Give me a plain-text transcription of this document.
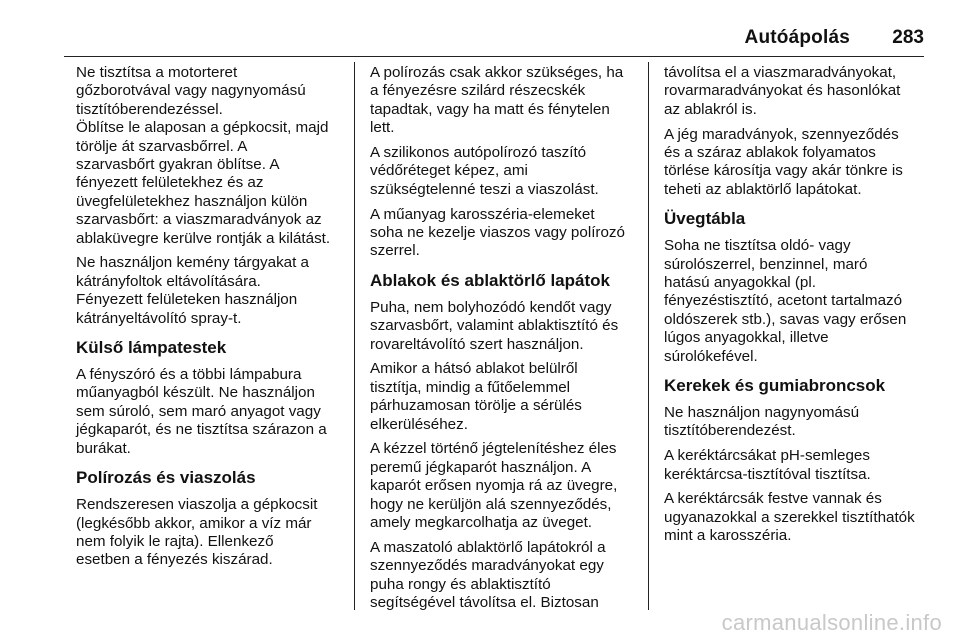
Autóápolás 283
Ne tisztítsa a motorteret
gőzborotvával vagy nagynyomású
tisztítóberendezéssel.
Öblítse le alaposan a gépkocsit, majd
törölje át szarvasbőrrel. A
szarvasbőrt gyakran öblítse. A
fényezett felületekhez és az
üvegfelületekhez használjon külön
szarvasbőrt: a viaszmaradványok az
ablaküvegre kerülve rontják a kilátást.
Ne használjon kemény tárgyakat a
kátrányfoltok eltávolítására.
Fényezett felületeken használjon
kátrányeltávolító spray-t.
Külső lámpatestek
A fényszóró és a többi lámpabura
műanyagból készült. Ne használjon
sem súroló, sem maró anyagot vagy
jégkaparót, és ne tisztítsa szárazon a
burákat.
Polírozás és viaszolás
Rendszeresen viaszolja a gépkocsit
(legkésőbb akkor, amikor a víz már
nem folyik le rajta). Ellenkező
esetben a fényezés kiszárad.
A polírozás csak akkor szükséges, ha
a fényezésre szilárd részecskék
tapadtak, vagy ha matt és fénytelen
lett.
A szilikonos autópolírozó taszító
védőréteget képez, ami
szükségtelenné teszi a viaszolást.
A műanyag karosszéria-elemeket
soha ne kezelje viaszos vagy polírozó
szerrel.
Ablakok és ablaktörlő lapátok
Puha, nem bolyhozódó kendőt vagy
szarvasbőrt, valamint ablaktisztító és
rovareltávolító szert használjon.
Amikor a hátsó ablakot belülről
tisztítja, mindig a fűtőelemmel
párhuzamosan törölje a sérülés
elkerüléséhez.
A kézzel történő jégtelenítéshez éles
peremű jégkaparót használjon. A
kaparót erősen nyomja rá az üvegre,
hogy ne kerüljön alá szennyeződés,
amely megkarcolhatja az üveget.
A maszatoló ablaktörlő lapátokról a
szennyeződés maradványokat egy
puha rongy és ablaktisztító
segítségével távolítsa el. Biztosan
távolítsa el a viaszmaradványokat,
rovarmaradványokat és hasonlókat
az ablakról is.
A jég maradványok, szennyeződés
és a száraz ablakok folyamatos
törlése károsítja vagy akár tönkre is
teheti az ablaktörlő lapátokat.
Üvegtábla
Soha ne tisztítsa oldó- vagy
súrolószerrel, benzinnel, maró
hatású anyagokkal (pl.
fényezéstisztító, acetont tartalmazó
oldószerek stb.), savas vagy erősen
lúgos anyagokkal, illetve
súrolókefével.
Kerekek és gumiabroncsok
Ne használjon nagynyomású
tisztítóberendezést.
A keréktárcsákat pH-semleges
keréktárcsa-tisztítóval tisztítsa.
A keréktárcsák festve vannak és
ugyanazokkal a szerekkel tisztíthatók
mint a karosszéria.
carmanualsonline.info
